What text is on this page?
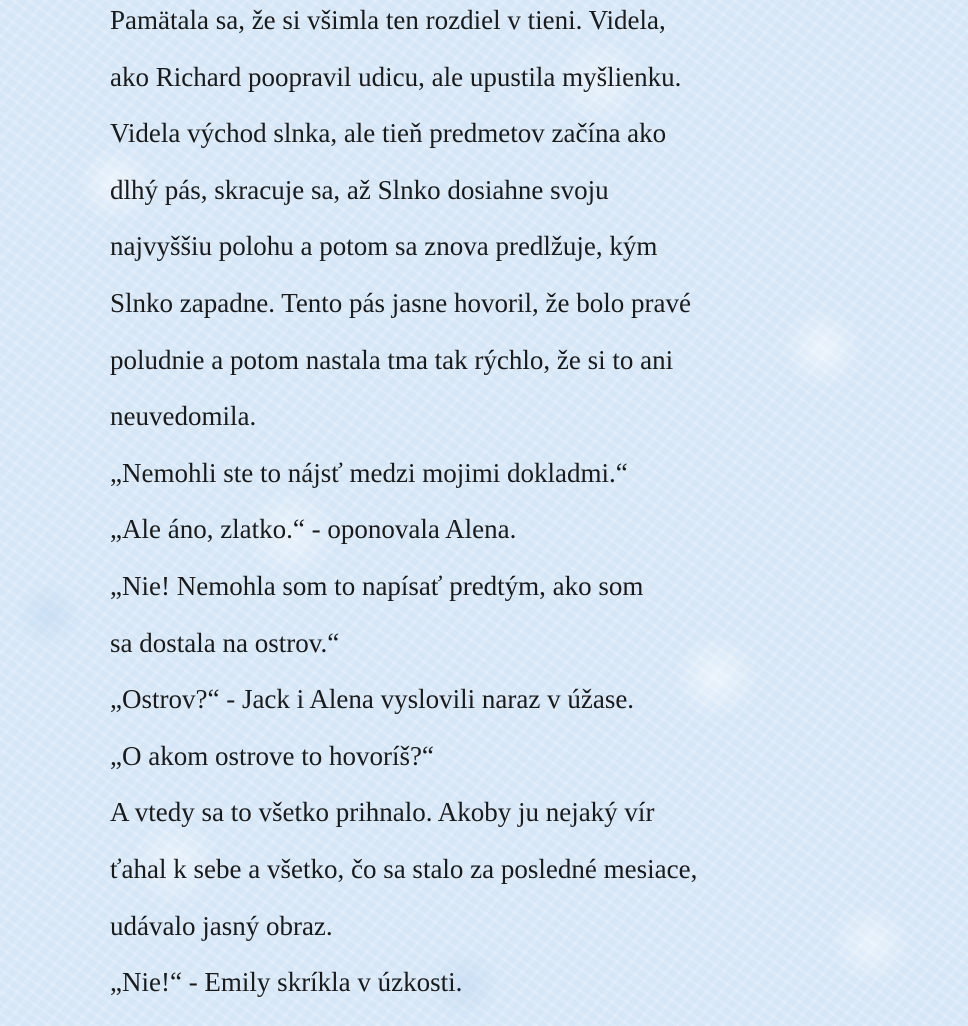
Pamätala sa, že si všimla ten rozdiel v tieni. Videla,
ako Richard poopravil udicu, ale upustila myšlienku.
Videla východ slnka, ale tieň predmetov začína ako
dlhý pás, skracuje sa, až Slnko dosiahne svoju
najvyššiu polohu a potom sa znova predlžuje, kým
Slnko zapadne. Tento pás jasne hovoril, že bolo pravé
poludnie a potom nastala tma tak rýchlo, že si to ani
neuvedomila.
„Nemohli ste to nájsť medzi mojimi dokladmi.“
„Ale áno, zlatko.“ - oponovala Alena.
„Nie! Nemohla som to napísať predtým, ako som
sa dostala na ostrov.“
„Ostrov?“ - Jack i Alena vyslovili naraz v úžase.
„O akom ostrove to hovoríš?“
A vtedy sa to všetko prihnalo. Akoby ju nejaký vír
ťahal k sebe a všetko, čo sa stalo za posledné mesiace,
udávalo jasný obraz.
„Nie!“ - Emily skríkla v úzkosti.
